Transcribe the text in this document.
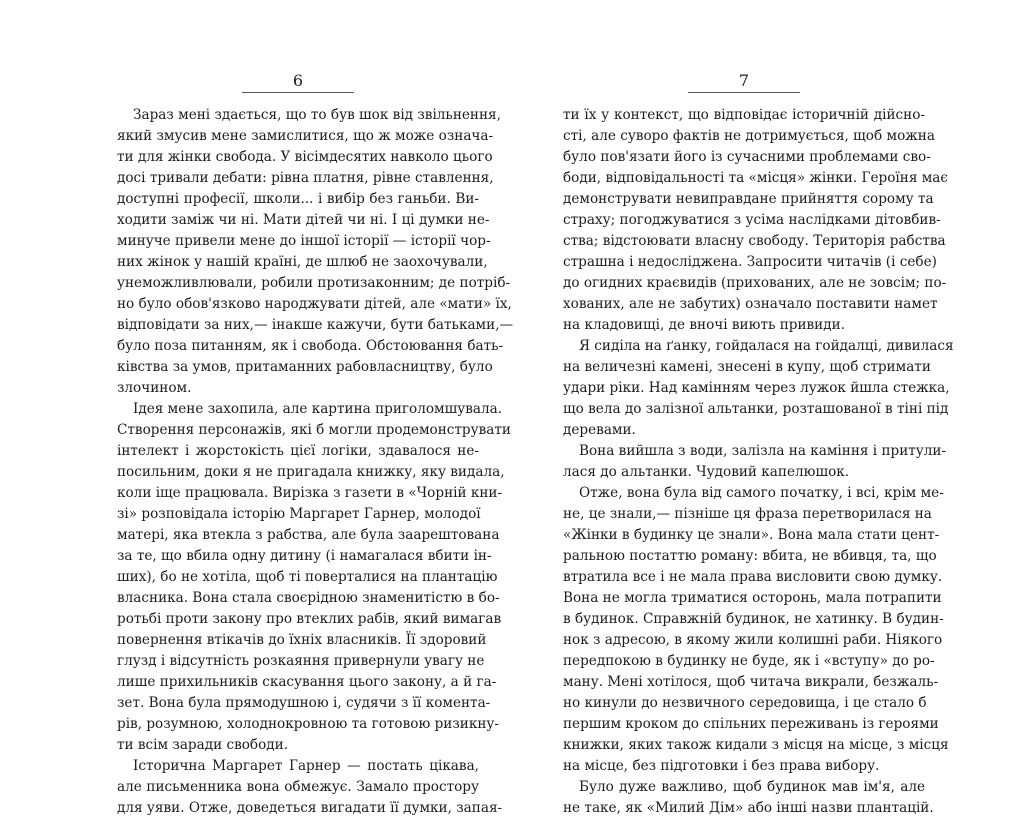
6
Зараз мені здається, що то був шок від звільнення,
який змусив мене замислитися, що ж може означа-
ти для жінки свобода. У вісімдесятих навколо цього
досі тривали дебати: рівна платня, рівне ставлення,
доступні професії, школи... і вибір без ганьби. Ви-
ходити заміж чи ні. Мати дітей чи ні. І ці думки не-
минуче привели мене до іншої історії — історії чор-
них жінок у нашій країні, де шлюб не заохочували,
унеможливлювали, робили протизаконним; де потріб-
но було обов'язково народжувати дітей, але «мати» їх,
відповідати за них,— інакше кажучи, бути батьками,—
було поза питанням, як і свобода. Обстоювання бать-
ківства за умов, притаманних рабовласництву, було
злочином.
Ідея мене захопила, але картина приголомшувала.
Створення персонажів, які б могли продемонструвати
інтелект і жорстокість цієї логіки, здавалося не-
посильним, доки я не пригадала книжку, яку видала,
коли іще працювала. Вирізка з газети в «Чорній кни-
зі» розповідала історію Маргарет Гарнер, молодої
матері, яка втекла з рабства, але була заарештована
за те, що вбила одну дитину (і намагалася вбити ін-
ших), бо не хотіла, щоб ті поверталися на плантацію
власника. Вона стала своєрідною знаменитістю в бо-
ротьбі проти закону про втеклих рабів, який вимагав
повернення втікачів до їхніх власників. Її здоровий
глузд і відсутність розкаяння привернули увагу не
лише прихильників скасування цього закону, а й га-
зет. Вона була прямодушною і, судячи з її комента-
рів, розумною, холоднокровною та готовою ризикну-
ти всім заради свободи.
Історична Маргарет Гарнер — постать цікава,
але письменника вона обмежує. Замало простору
для уяви. Отже, доведеться вигадати її думки, запая-
7
ти їх у контекст, що відповідає історичній дійсно-
сті, але суворо фактів не дотримується, щоб можна
було пов'язати його із сучасними проблемами сво-
боди, відповідальності та «місця» жінки. Героїня має
демонструвати невиправдане прийняття сорому та
страху; погоджуватися з усіма наслідками дітовбив-
ства; відстоювати власну свободу. Територія рабства
страшна і недосліджена. Запросити читачів (і себе)
до огидних краєвидів (прихованих, але не зовсім; по-
хованих, але не забутих) означало поставити намет
на кладовищі, де вночі виють привиди.
Я сиділа на ґанку, гойдалася на гойдалці, дивилася
на величезні камені, знесені в купу, щоб стримати
удари ріки. Над камінням через лужок йшла стежка,
що вела до залізної альтанки, розташованої в тіні під
деревами.
Вона вийшла з води, залізла на каміння і притули-
лася до альтанки. Чудовий капелюшок.
Отже, вона була від самого початку, і всі, крім ме-
не, це знали,— пізніше ця фраза перетворилася на
«Жінки в будинку це знали». Вона мала стати цент-
ральною постаттю роману: вбита, не вбивця, та, що
втратила все і не мала права висловити свою думку.
Вона не могла триматися осторонь, мала потрапити
в будинок. Справжній будинок, не хатинку. В будин-
нок з адресою, в якому жили колишні раби. Ніякого
передпокою в будинку не буде, як і «вступу» до ро-
ману. Мені хотілося, щоб читача викрали, безжаль-
но кинули до незвичного середовища, і це стало б
першим кроком до спільних переживань із героями
книжки, яких також кидали з місця на місце, з місця
на місце, без підготовки і без права вибору.
Було дуже важливо, щоб будинок мав ім'я, але
не таке, як «Милий Дім» або інші назви плантацій.
